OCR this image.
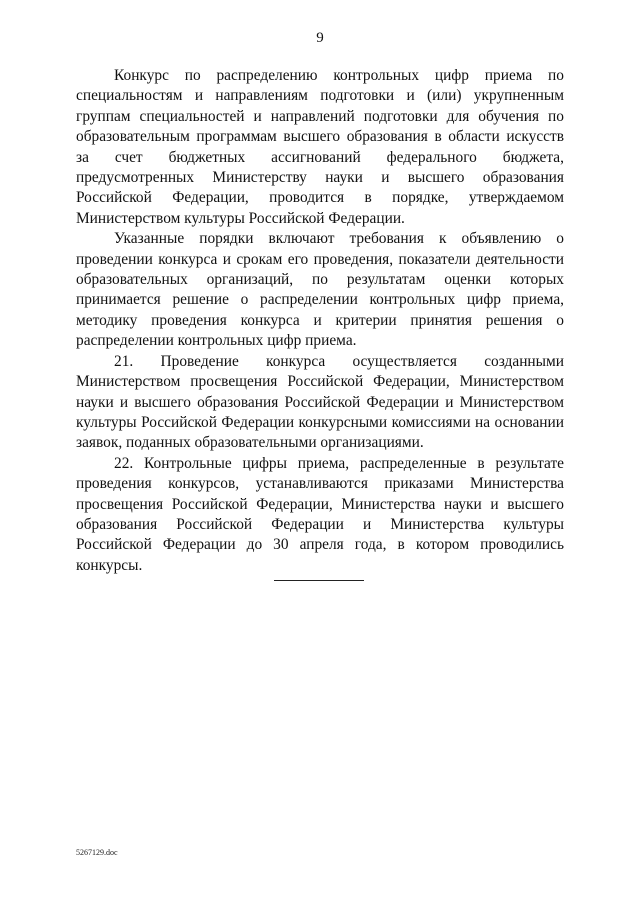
9

Конкурс по распределению контрольных цифр приема по специальностям и направлениям подготовки и (или) укрупненным группам специальностей и направлений подготовки для обучения по образовательным программам высшего образования в области искусств за счет бюджетных ассигнований федерального бюджета, предусмотренных Министерству науки и высшего образования Российской Федерации, проводится в порядке, утверждаемом Министерством культуры Российской Федерации.

Указанные порядки включают требования к объявлению о проведении конкурса и срокам его проведения, показатели деятельности образовательных организаций, по результатам оценки которых принимается решение о распределении контрольных цифр приема, методику проведения конкурса и критерии принятия решения о распределении контрольных цифр приема.

21. Проведение конкурса осуществляется созданными Министерством просвещения Российской Федерации, Министерством науки и высшего образования Российской Федерации и Министерством культуры Российской Федерации конкурсными комиссиями на основании заявок, поданных образовательными организациями.

22. Контрольные цифры приема, распределенные в результате проведения конкурсов, устанавливаются приказами Министерства просвещения Российской Федерации, Министерства науки и высшего образования Российской Федерации и Министерства культуры Российской Федерации до 30 апреля года, в котором проводились конкурсы.

5267129.doc
